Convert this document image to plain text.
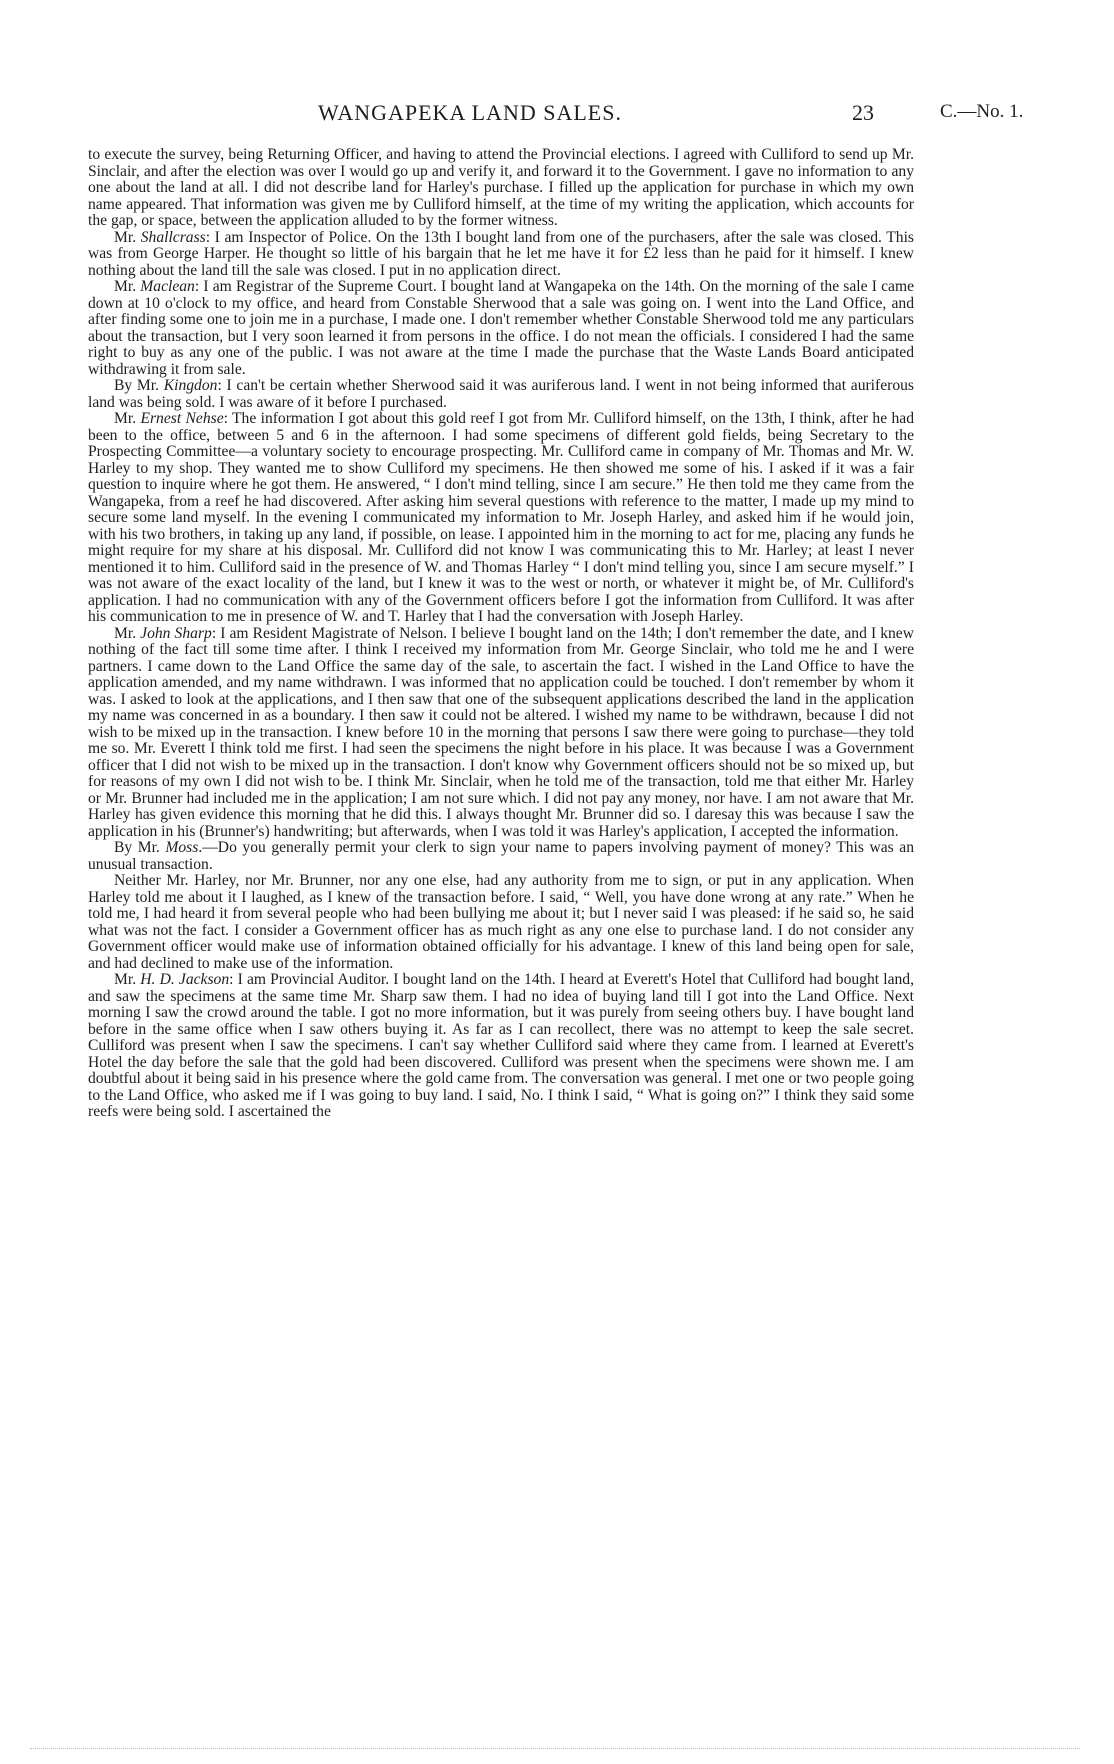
WANGAPEKA LAND SALES.	23	C.—No. 1.

to execute the survey, being Returning Officer, and having to attend the Provincial elections. I agreed with Culliford to send up Mr. Sinclair, and after the election was over I would go up and verify it, and forward it to the Government. I gave no information to any one about the land at all. I did not describe land for Harley's purchase. I filled up the application for purchase in which my own name appeared. That information was given me by Culliford himself, at the time of my writing the application, which accounts for the gap, or space, between the application alluded to by the former witness.

Mr. Shallcrass: I am Inspector of Police. On the 13th I bought land from one of the purchasers, after the sale was closed. This was from George Harper. He thought so little of his bargain that he let me have it for £2 less than he paid for it himself. I knew nothing about the land till the sale was closed. I put in no application direct.

Mr. Maclean: I am Registrar of the Supreme Court. I bought land at Wangapeka on the 14th. On the morning of the sale I came down at 10 o'clock to my office, and heard from Constable Sherwood that a sale was going on. I went into the Land Office, and after finding some one to join me in a purchase, I made one. I don't remember whether Constable Sherwood told me any particulars about the transaction, but I very soon learned it from persons in the office. I do not mean the officials. I considered I had the same right to buy as any one of the public. I was not aware at the time I made the purchase that the Waste Lands Board anticipated withdrawing it from sale.

By Mr. Kingdon: I can't be certain whether Sherwood said it was auriferous land. I went in not being informed that auriferous land was being sold. I was aware of it before I purchased.

Mr. Ernest Nehse: The information I got about this gold reef I got from Mr. Culliford himself, on the 13th, I think, after he had been to the office, between 5 and 6 in the afternoon. I had some specimens of different gold fields, being Secretary to the Prospecting Committee—a voluntary society to encourage prospecting. Mr. Culliford came in company of Mr. Thomas and Mr. W. Harley to my shop. They wanted me to show Culliford my specimens. He then showed me some of his. I asked if it was a fair question to inquire where he got them. He answered, “ I don't mind telling, since I am secure.” He then told me they came from the Wangapeka, from a reef he had discovered. After asking him several questions with reference to the matter, I made up my mind to secure some land myself. In the evening I communicated my information to Mr. Joseph Harley, and asked him if he would join, with his two brothers, in taking up any land, if possible, on lease. I appointed him in the morning to act for me, placing any funds he might require for my share at his disposal. Mr. Culliford did not know I was communicating this to Mr. Harley; at least I never mentioned it to him. Culliford said in the presence of W. and Thomas Harley “ I don't mind telling you, since I am secure myself.” I was not aware of the exact locality of the land, but I knew it was to the west or north, or whatever it might be, of Mr. Culliford's application. I had no communication with any of the Government officers before I got the information from Culliford. It was after his communication to me in presence of W. and T. Harley that I had the conversation with Joseph Harley.

Mr. John Sharp: I am Resident Magistrate of Nelson. I believe I bought land on the 14th; I don't remember the date, and I knew nothing of the fact till some time after. I think I received my information from Mr. George Sinclair, who told me he and I were partners. I came down to the Land Office the same day of the sale, to ascertain the fact. I wished in the Land Office to have the application amended, and my name withdrawn. I was informed that no application could be touched. I don't remember by whom it was. I asked to look at the applications, and I then saw that one of the subsequent applications described the land in the application my name was concerned in as a boundary. I then saw it could not be altered. I wished my name to be withdrawn, because I did not wish to be mixed up in the transaction. I knew before 10 in the morning that persons I saw there were going to purchase—they told me so. Mr. Everett I think told me first. I had seen the specimens the night before in his place. It was because I was a Government officer that I did not wish to be mixed up in the transaction. I don't know why Government officers should not be so mixed up, but for reasons of my own I did not wish to be. I think Mr. Sinclair, when he told me of the transaction, told me that either Mr. Harley or Mr. Brunner had included me in the application; I am not sure which. I did not pay any money, nor have. I am not aware that Mr. Harley has given evidence this morning that he did this. I always thought Mr. Brunner did so. I daresay this was because I saw the application in his (Brunner's) handwriting; but afterwards, when I was told it was Harley's application, I accepted the information.

By Mr. Moss.—Do you generally permit your clerk to sign your name to papers involving payment of money? This was an unusual transaction.

Neither Mr. Harley, nor Mr. Brunner, nor any one else, had any authority from me to sign, or put in any application. When Harley told me about it I laughed, as I knew of the transaction before. I said, “ Well, you have done wrong at any rate.” When he told me, I had heard it from several people who had been bullying me about it; but I never said I was pleased: if he said so, he said what was not the fact. I consider a Government officer has as much right as any one else to purchase land. I do not consider any Government officer would make use of information obtained officially for his advantage. I knew of this land being open for sale, and had declined to make use of the information.

Mr. H. D. Jackson: I am Provincial Auditor. I bought land on the 14th. I heard at Everett's Hotel that Culliford had bought land, and saw the specimens at the same time Mr. Sharp saw them. I had no idea of buying land till I got into the Land Office. Next morning I saw the crowd around the table. I got no more information, but it was purely from seeing others buy. I have bought land before in the same office when I saw others buying it. As far as I can recollect, there was no attempt to keep the sale secret. Culliford was present when I saw the specimens. I can't say whether Culliford said where they came from. I learned at Everett's Hotel the day before the sale that the gold had been discovered. Culliford was present when the specimens were shown me. I am doubtful about it being said in his presence where the gold came from. The conversation was general. I met one or two people going to the Land Office, who asked me if I was going to buy land. I said, No. I think I said, “ What is going on?” I think they said some reefs were being sold. I ascertained the
